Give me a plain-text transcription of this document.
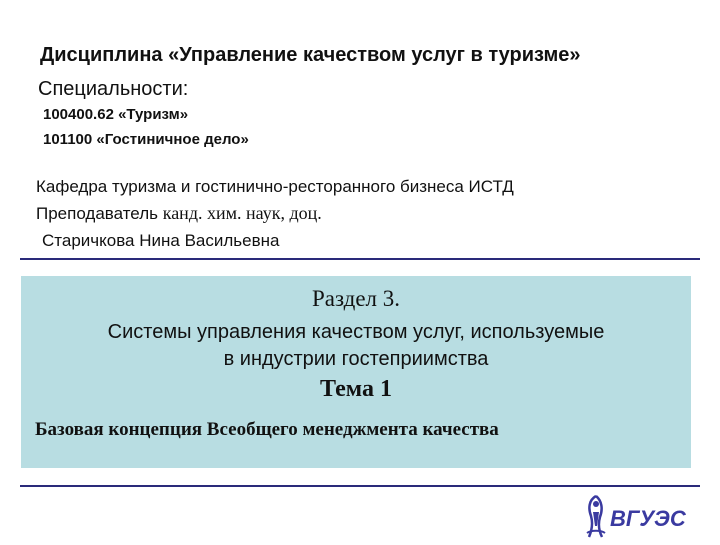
Дисциплина «Управление качеством услуг в туризме»
Специальности:
100400.62 «Туризм»
101100 «Гостиничное дело»
Кафедра туризма и гостинично-ресторанного бизнеса ИСТД
Преподаватель канд. хим. наук, доц.
Старичкова Нина Васильевна
Раздел 3.
Системы управления качеством услуг, используемые
в индустрии гостеприимства
Тема 1
Базовая концепция Всеобщего менеджмента качества
ВГУЭС
